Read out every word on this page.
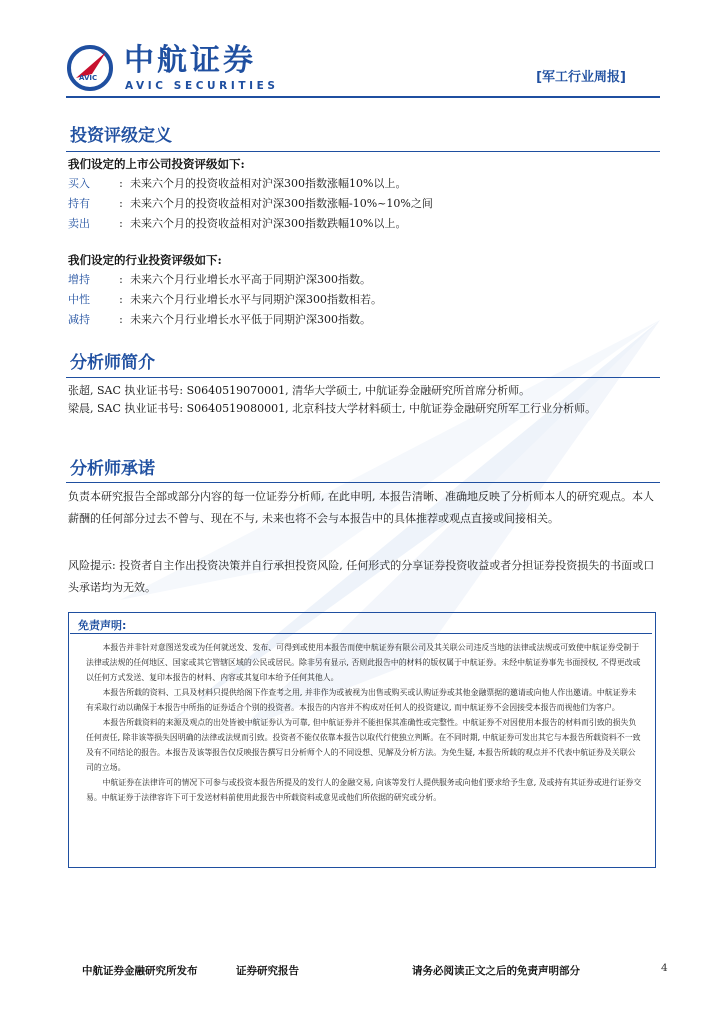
AVIC 中航证券
AVIC SECURITIES
[军工行业周报]
投资评级定义
我们设定的上市公司投资评级如下:
买入	: 未来六个月的投资收益相对沪深300指数涨幅10%以上。
持有	: 未来六个月的投资收益相对沪深300指数涨幅-10%~10%之间
卖出	: 未来六个月的投资收益相对沪深300指数跌幅10%以上。
我们设定的行业投资评级如下:
增持	: 未来六个月行业增长水平高于同期沪深300指数。
中性	: 未来六个月行业增长水平与同期沪深300指数相若。
减持	: 未来六个月行业增长水平低于同期沪深300指数。
分析师简介
张超, SAC 执业证书号: S0640519070001, 清华大学硕士, 中航证券金融研究所首席分析师。
梁晨, SAC 执业证书号: S0640519080001, 北京科技大学材料硕士, 中航证券金融研究所军工行业分析师。
分析师承诺
负责本研究报告全部或部分内容的每一位证券分析师, 在此申明, 本报告清晰、准确地反映了分析师本人的研究观点。本人薪酬的任何部分过去不曾与、现在不与, 未来也将不会与本报告中的具体推荐或观点直接或间接相关。
风险提示: 投资者自主作出投资决策并自行承担投资风险, 任何形式的分享证券投资收益或者分担证券投资损失的书面或口头承诺均为无效。
免责声明:

本报告并非针对意图送发或为任何就送发、发布、可得到或使用本报告而使中航证券有限公司及其关联公司违反当地的法律或法规或可致使中航证券受制于法律或法规的任何地区、国家或其它管辖区域的公民或居民。除非另有显示, 否则此报告中的材料的版权属于中航证券。未经中航证券事先书面授权, 不得更改或以任何方式发送、复印本报告的材料、内容或其复印本给予任何其他人。

本报告所载的资料、工具及材料只提供给阁下作查考之用, 并非作为或被视为出售或购买或认购证券或其他金融票据的邀请或向他人作出邀请。中航证券未有采取行动以确保于本报告中所指的证券适合个别的投资者。本报告的内容并不构成对任何人的投资建议, 而中航证券不会因接受本报告而视他们为客户。

本报告所载资料的来源及观点的出处皆被中航证券认为可靠, 但中航证券并不能担保其准确性或完整性。中航证券不对因使用本报告的材料而引致的损失负任何责任, 除非该等损失因明确的法律或法规而引致。投资者不能仅依靠本报告以取代行使独立判断。在不同时期, 中航证券可发出其它与本报告所载资料不一致及有不同结论的报告。本报告及该等报告仅反映报告撰写日分析师个人的不同设想、见解及分析方法。为免生疑, 本报告所载的观点并不代表中航证券及关联公司的立场。

中航证券在法律许可的情况下可参与或投资本报告所提及的发行人的金融交易, 向该等发行人提供服务或向他们要求给予生意, 及或持有其证券或进行证券交易。中航证券于法律容许下可于发送材料前使用此报告中所载资料或意见或他们所依据的研究或分析。

中航证券金融研究所发布	证券研究报告	请务必阅读正文之后的免责声明部分	4
